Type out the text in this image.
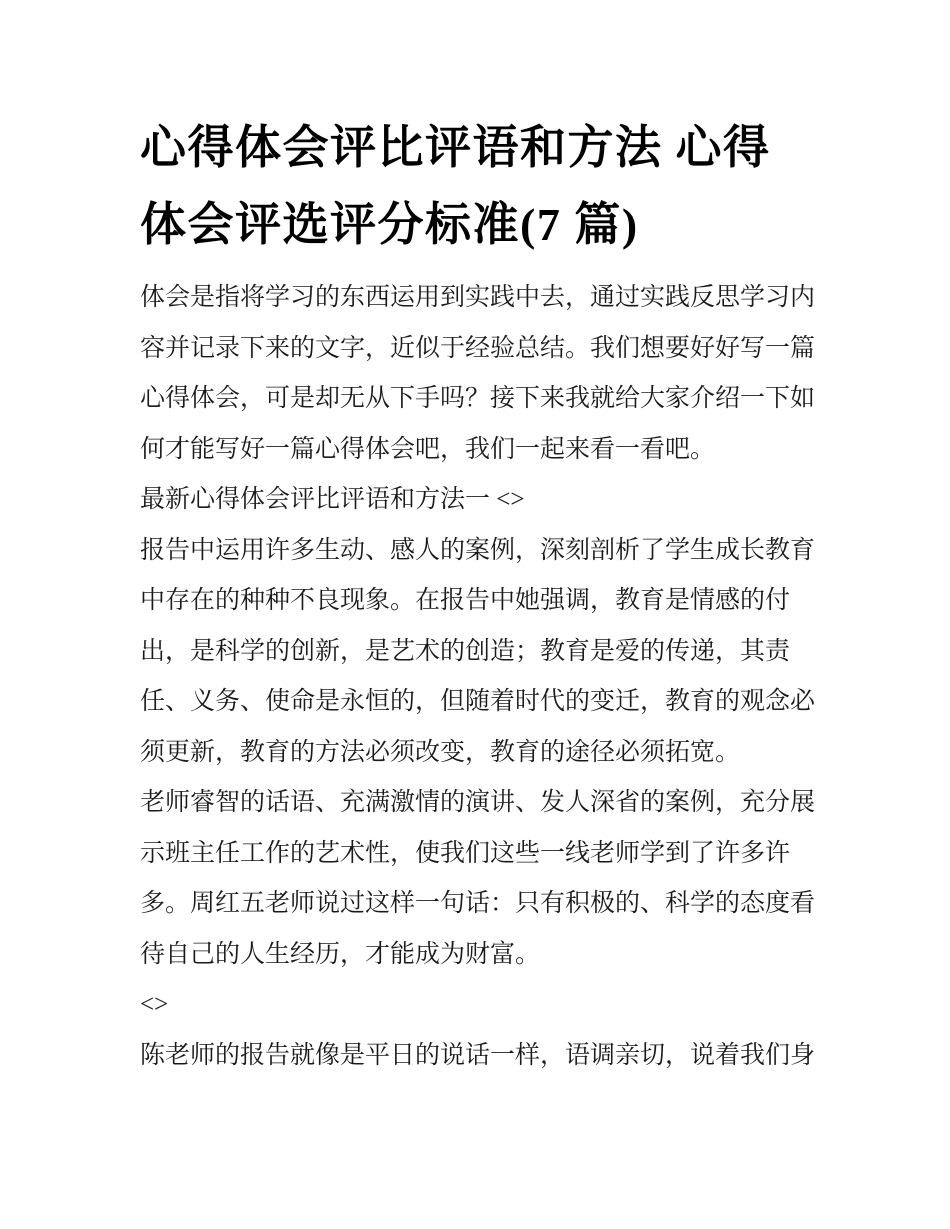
心得体会评比评语和方法 心得
体会评选评分标准(7 篇)
体会是指将学习的东西运用到实践中去，通过实践反思学习内
容并记录下来的文字，近似于经验总结。我们想要好好写一篇
心得体会，可是却无从下手吗？接下来我就给大家介绍一下如
何才能写好一篇心得体会吧，我们一起来看一看吧。
最新心得体会评比评语和方法一 <>
报告中运用许多生动、感人的案例，深刻剖析了学生成长教育
中存在的种种不良现象。在报告中她强调，教育是情感的付
出，是科学的创新，是艺术的创造；教育是爱的传递，其责
任、义务、使命是永恒的，但随着时代的变迁，教育的观念必
须更新，教育的方法必须改变，教育的途径必须拓宽。
老师睿智的话语、充满激情的演讲、发人深省的案例，充分展
示班主任工作的艺术性，使我们这些一线老师学到了许多许
多。周红五老师说过这样一句话：只有积极的、科学的态度看
待自己的人生经历，才能成为财富。
<>
陈老师的报告就像是平日的说话一样，语调亲切，说着我们身
